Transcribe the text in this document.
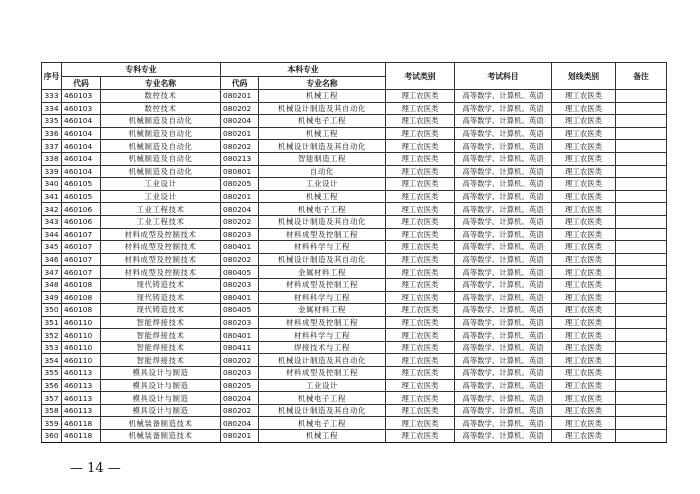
序号	专科专业		本科专业		考试类别	考试科目	划线类别	备注
	代码	专业名称	代码	专业名称				
333	460103	数控技术	080201	机械工程	理工农医类	高等数学、计算机、英语	理工农医类	
334	460103	数控技术	080202	机械设计制造及其自动化	理工农医类	高等数学、计算机、英语	理工农医类	
335	460104	机械制造及自动化	080204	机械电子工程	理工农医类	高等数学、计算机、英语	理工农医类	
336	460104	机械制造及自动化	080201	机械工程	理工农医类	高等数学、计算机、英语	理工农医类	
337	460104	机械制造及自动化	080202	机械设计制造及其自动化	理工农医类	高等数学、计算机、英语	理工农医类	
338	460104	机械制造及自动化	080213	智能制造工程	理工农医类	高等数学、计算机、英语	理工农医类	
339	460104	机械制造及自动化	080801	自动化	理工农医类	高等数学、计算机、英语	理工农医类	
340	460105	工业设计	080205	工业设计	理工农医类	高等数学、计算机、英语	理工农医类	
341	460105	工业设计	080201	机械工程	理工农医类	高等数学、计算机、英语	理工农医类	
342	460106	工业工程技术	080204	机械电子工程	理工农医类	高等数学、计算机、英语	理工农医类	
343	460106	工业工程技术	080202	机械设计制造及其自动化	理工农医类	高等数学、计算机、英语	理工农医类	
344	460107	材料成型及控制技术	080203	材料成型及控制工程	理工农医类	高等数学、计算机、英语	理工农医类	
345	460107	材料成型及控制技术	080401	材料科学与工程	理工农医类	高等数学、计算机、英语	理工农医类	
346	460107	材料成型及控制技术	080202	机械设计制造及其自动化	理工农医类	高等数学、计算机、英语	理工农医类	
347	460107	材料成型及控制技术	080405	金属材料工程	理工农医类	高等数学、计算机、英语	理工农医类	
348	460108	现代铸造技术	080203	材料成型及控制工程	理工农医类	高等数学、计算机、英语	理工农医类	
349	460108	现代铸造技术	080401	材料科学与工程	理工农医类	高等数学、计算机、英语	理工农医类	
350	460108	现代铸造技术	080405	金属材料工程	理工农医类	高等数学、计算机、英语	理工农医类	
351	460110	智能焊接技术	080203	材料成型及控制工程	理工农医类	高等数学、计算机、英语	理工农医类	
352	460110	智能焊接技术	080401	材料科学与工程	理工农医类	高等数学、计算机、英语	理工农医类	
353	460110	智能焊接技术	080411	焊接技术与工程	理工农医类	高等数学、计算机、英语	理工农医类	
354	460110	智能焊接技术	080202	机械设计制造及其自动化	理工农医类	高等数学、计算机、英语	理工农医类	
355	460113	模具设计与制造	080203	材料成型及控制工程	理工农医类	高等数学、计算机、英语	理工农医类	
356	460113	模具设计与制造	080205	工业设计	理工农医类	高等数学、计算机、英语	理工农医类	
357	460113	模具设计与制造	080204	机械电子工程	理工农医类	高等数学、计算机、英语	理工农医类	
358	460113	模具设计与制造	080202	机械设计制造及其自动化	理工农医类	高等数学、计算机、英语	理工农医类	
359	460118	机械装备制造技术	080204	机械电子工程	理工农医类	高等数学、计算机、英语	理工农医类	
360	460118	机械装备制造技术	080201	机械工程	理工农医类	高等数学、计算机、英语	理工农医类	
— 14 —
